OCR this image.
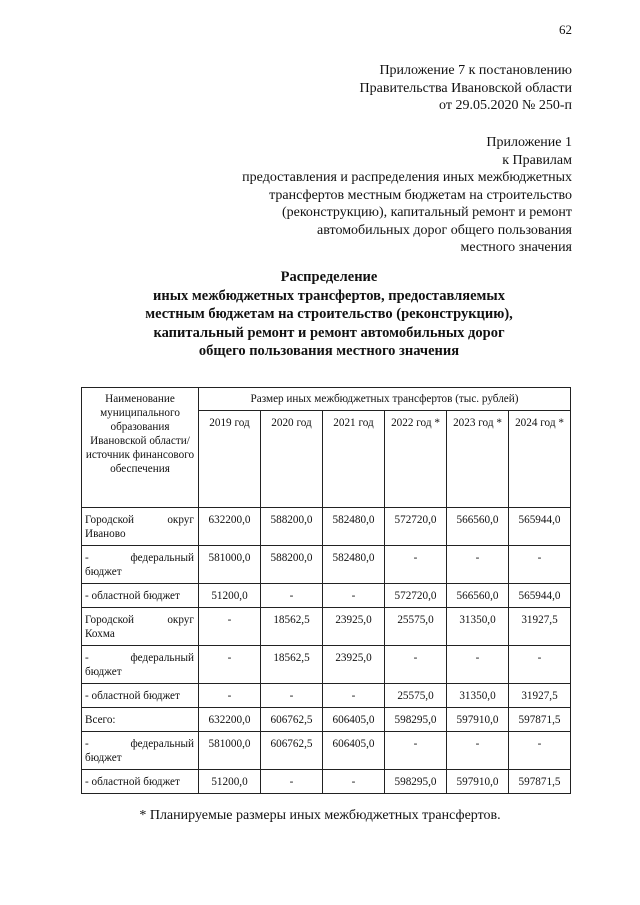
62
Приложение 7 к постановлению
Правительства Ивановской области
от 29.05.2020 № 250-п
Приложение 1
к Правилам
предоставления и распределения иных межбюджетных
трансфертов местным бюджетам на строительство
(реконструкцию), капитальный ремонт и ремонт
автомобильных дорог общего пользования
местного значения
Распределение
иных межбюджетных трансфертов, предоставляемых
местным бюджетам на строительство (реконструкцию),
капитальный ремонт и ремонт автомобильных дорог
общего пользования местного значения
Наименование муниципального образования Ивановской области/источник финансового обеспечения	Размер иных межбюджетных трансфертов (тыс. рублей)					
	2019 год	2020 год	2021 год	2022 год *	2023 год *	2024 год *

Городской округ
Иваново	632200,0	588200,0	582480,0	572720,0	566560,0	565944,0

- федеральный
бюджет	581000,0	588200,0	582480,0	-	-	-
- областной бюджет	51200,0	-	-	572720,0	566560,0	565944,0

Городской округ
Кохма	-	18562,5	23925,0	25575,0	31350,0	31927,5

- федеральный
бюджет	-	18562,5	23925,0	-	-	-
- областной бюджет	-	-	-	25575,0	31350,0	31927,5
Всего:	632200,0	606762,5	606405,0	598295,0	597910,0	597871,5

- федеральный
бюджет	581000,0	606762,5	606405,0	-	-	-
- областной бюджет	51200,0	-	-	598295,0	597910,0	597871,5
* Планируемые размеры иных межбюджетных трансфертов.
